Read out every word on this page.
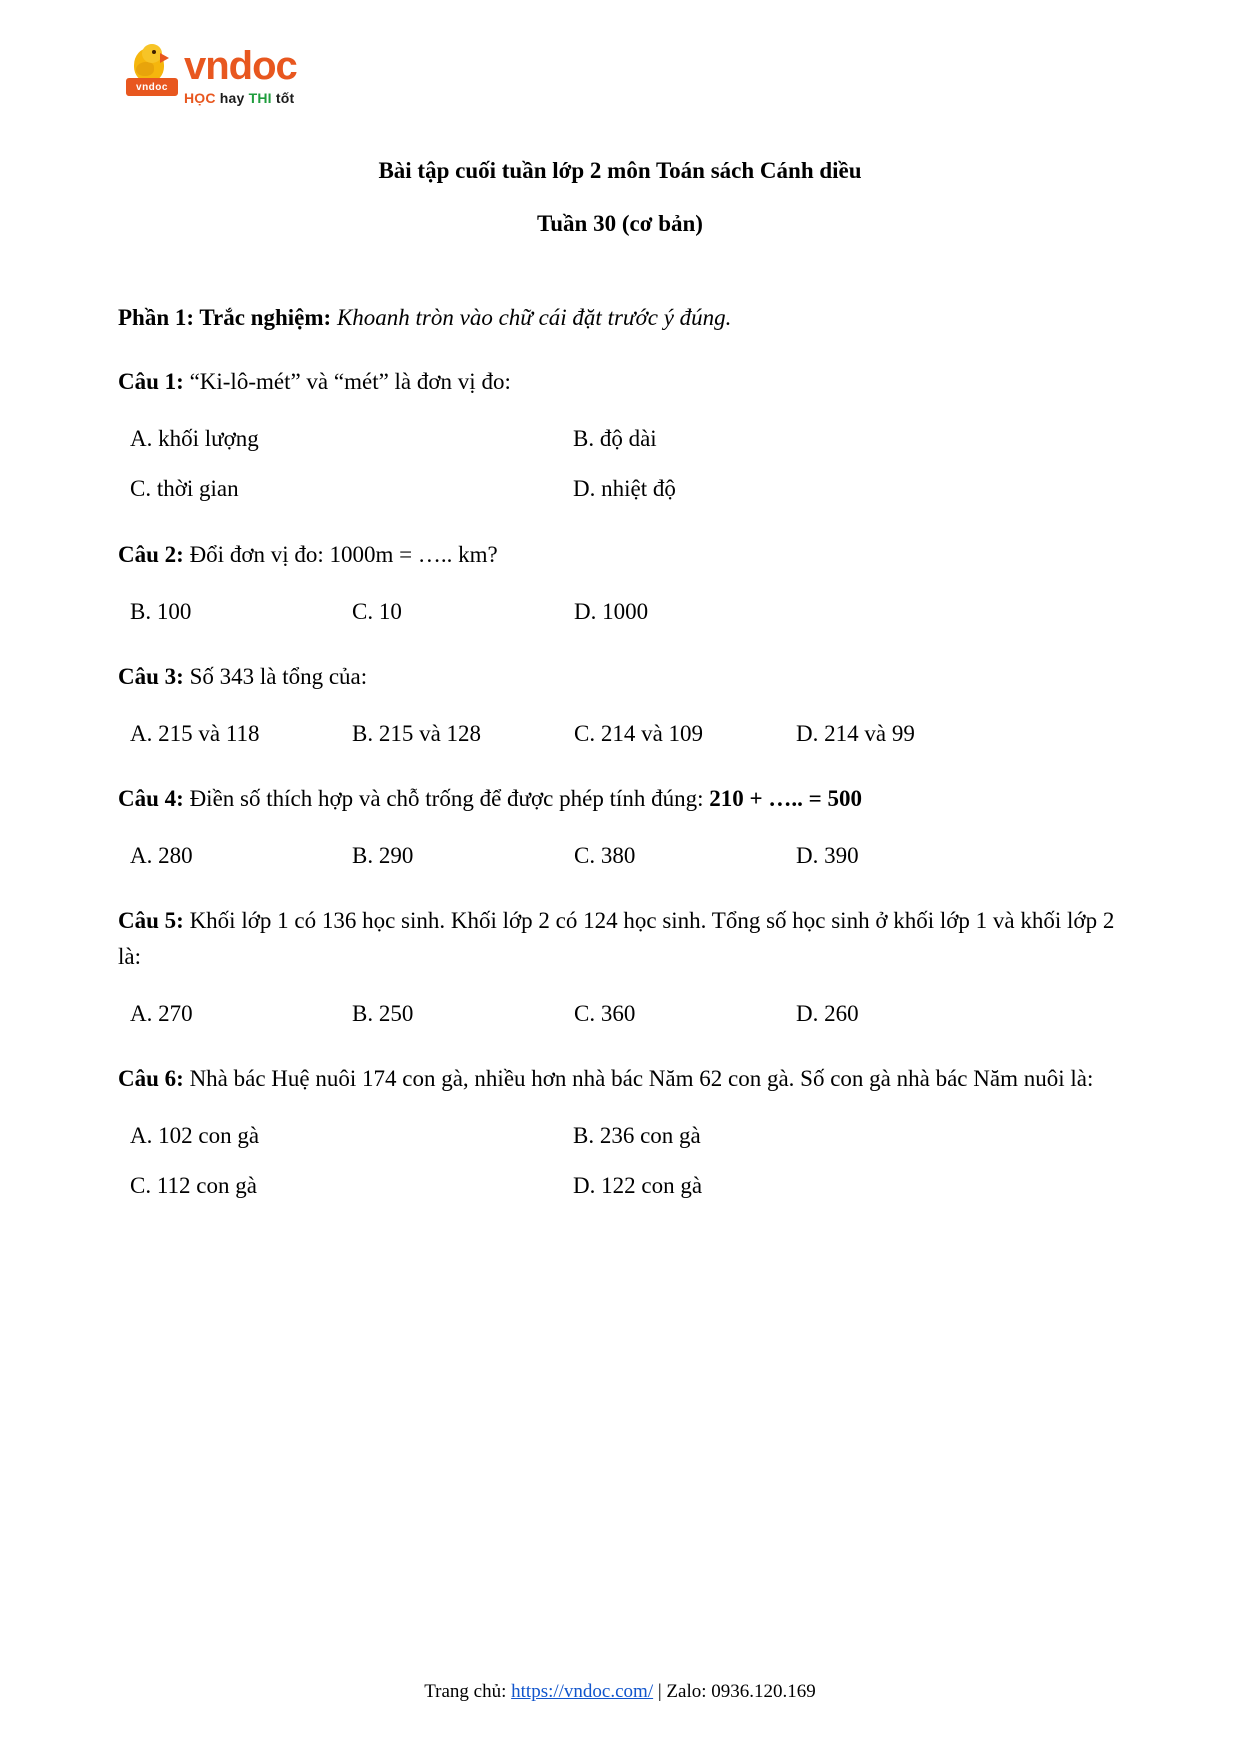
vndoc vndoc
HỌC hay THI tốt
Bài tập cuối tuần lớp 2 môn Toán sách Cánh diều
Tuần 30 (cơ bản)
Phần 1: Trắc nghiệm: Khoanh tròn vào chữ cái đặt trước ý đúng.
Câu 1: “Ki-lô-mét” và “mét” là đơn vị đo:
A. khối lượng	B. độ dài
C. thời gian	D. nhiệt độ
Câu 2: Đổi đơn vị đo: 1000m = ….. km?
B. 100	C. 10	D. 1000
Câu 3: Số 343 là tổng của:
A. 215 và 118	B. 215 và 128	C. 214 và 109	D. 214 và 99
Câu 4: Điền số thích hợp và chỗ trống để được phép tính đúng: 210 + ….. = 500
A. 280	B. 290	C. 380	D. 390
Câu 5: Khối lớp 1 có 136 học sinh. Khối lớp 2 có 124 học sinh. Tổng số học sinh ở khối lớp 1 và khối lớp 2 là:
A. 270	B. 250	C. 360	D. 260
Câu 6: Nhà bác Huệ nuôi 174 con gà, nhiều hơn nhà bác Năm 62 con gà. Số con gà nhà bác Năm nuôi là:
A. 102 con gà	B. 236 con gà
C. 112 con gà	D. 122 con gà
Trang chủ: https://vndoc.com/ | Zalo: 0936.120.169
